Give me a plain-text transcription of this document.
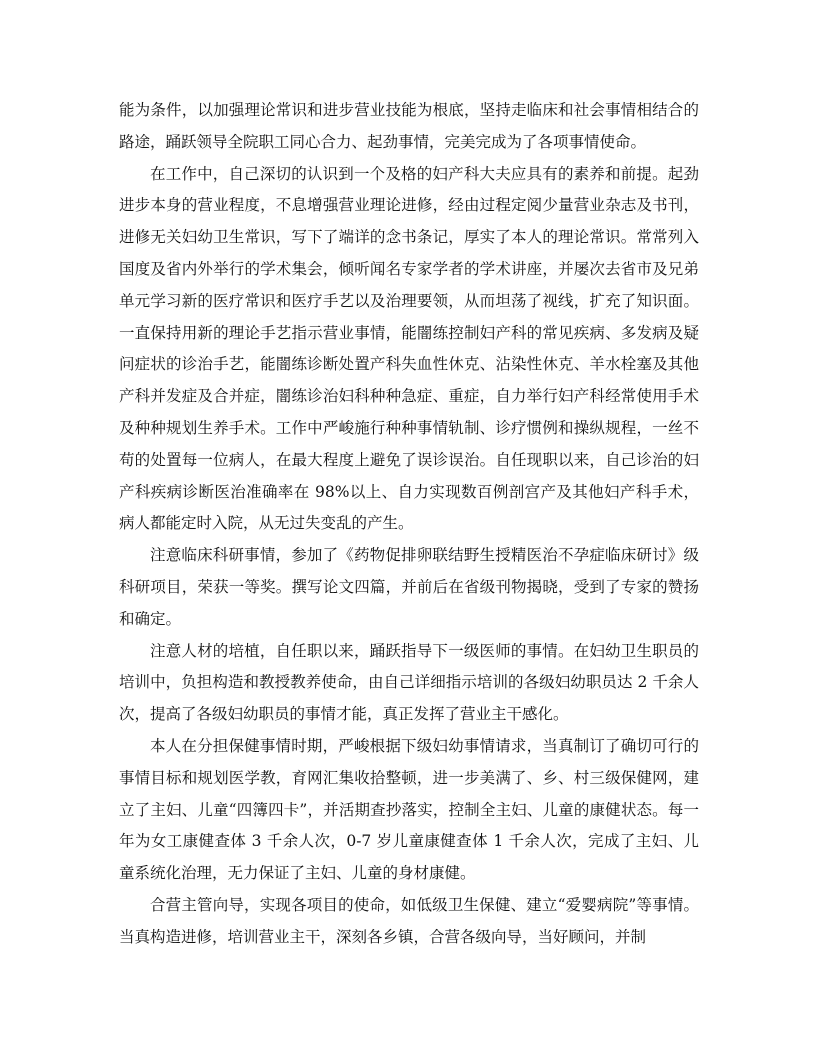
能为条件，以加强理论常识和进步营业技能为根底，坚持走临床和社会事情相结合的路途，踊跃领导全院职工同心合力、起劲事情，完美完成为了各项事情使命。

在工作中，自己深切的认识到一个及格的妇产科大夫应具有的素养和前提。起劲进步本身的营业程度，不息增强营业理论进修，经由过程定阅少量营业杂志及书刊，进修无关妇幼卫生常识，写下了端详的念书条记，厚实了本人的理论常识。常常列入国度及省内外举行的学术集会，倾听闻名专家学者的学术讲座，并屡次去省市及兄弟单元学习新的医疗常识和医疗手艺以及治理要领，从而坦荡了视线，扩充了知识面。一直保持用新的理论手艺指示营业事情，能闇练控制妇产科的常见疾病、多发病及疑问症状的诊治手艺，能闇练诊断处置产科失血性休克、沾染性休克、羊水栓塞及其他产科并发症及合并症，闇练诊治妇科种种急症、重症，自力举行妇产科经常使用手术及种种规划生养手术。工作中严峻施行种种事情轨制、诊疗惯例和操纵规程，一丝不苟的处置每一位病人，在最大程度上避免了误诊误治。自任现职以来，自己诊治的妇产科疾病诊断医治准确率在 98%以上、自力实现数百例剖宫产及其他妇产科手术，病人都能定时入院，从无过失变乱的产生。

注意临床科研事情，参加了《药物促排卵联结野生授精医治不孕症临床研讨》级科研项目，荣获一等奖。撰写论文四篇，并前后在省级刊物揭晓，受到了专家的赞扬和确定。

注意人材的培植，自任职以来，踊跃指导下一级医师的事情。在妇幼卫生职员的培训中，负担构造和教授教养使命，由自己详细指示培训的各级妇幼职员达 2 千余人次，提高了各级妇幼职员的事情才能，真正发挥了营业主干感化。

本人在分担保健事情时期，严峻根据下级妇幼事情请求，当真制订了确切可行的事情目标和规划医学教，育网汇集收拾整顿，进一步美满了、乡、村三级保健网，建立了主妇、儿童“四簿四卡”，并活期查抄落实，控制全主妇、儿童的康健状态。每一年为女工康健查体 3 千余人次，0-7 岁儿童康健查体 1 千余人次，完成了主妇、儿童系统化治理，无力保证了主妇、儿童的身材康健。

合营主管向导，实现各项目的使命，如低级卫生保健、建立“爱婴病院”等事情。当真构造进修，培训营业主干，深刻各乡镇，合营各级向导，当好顾问，并制
